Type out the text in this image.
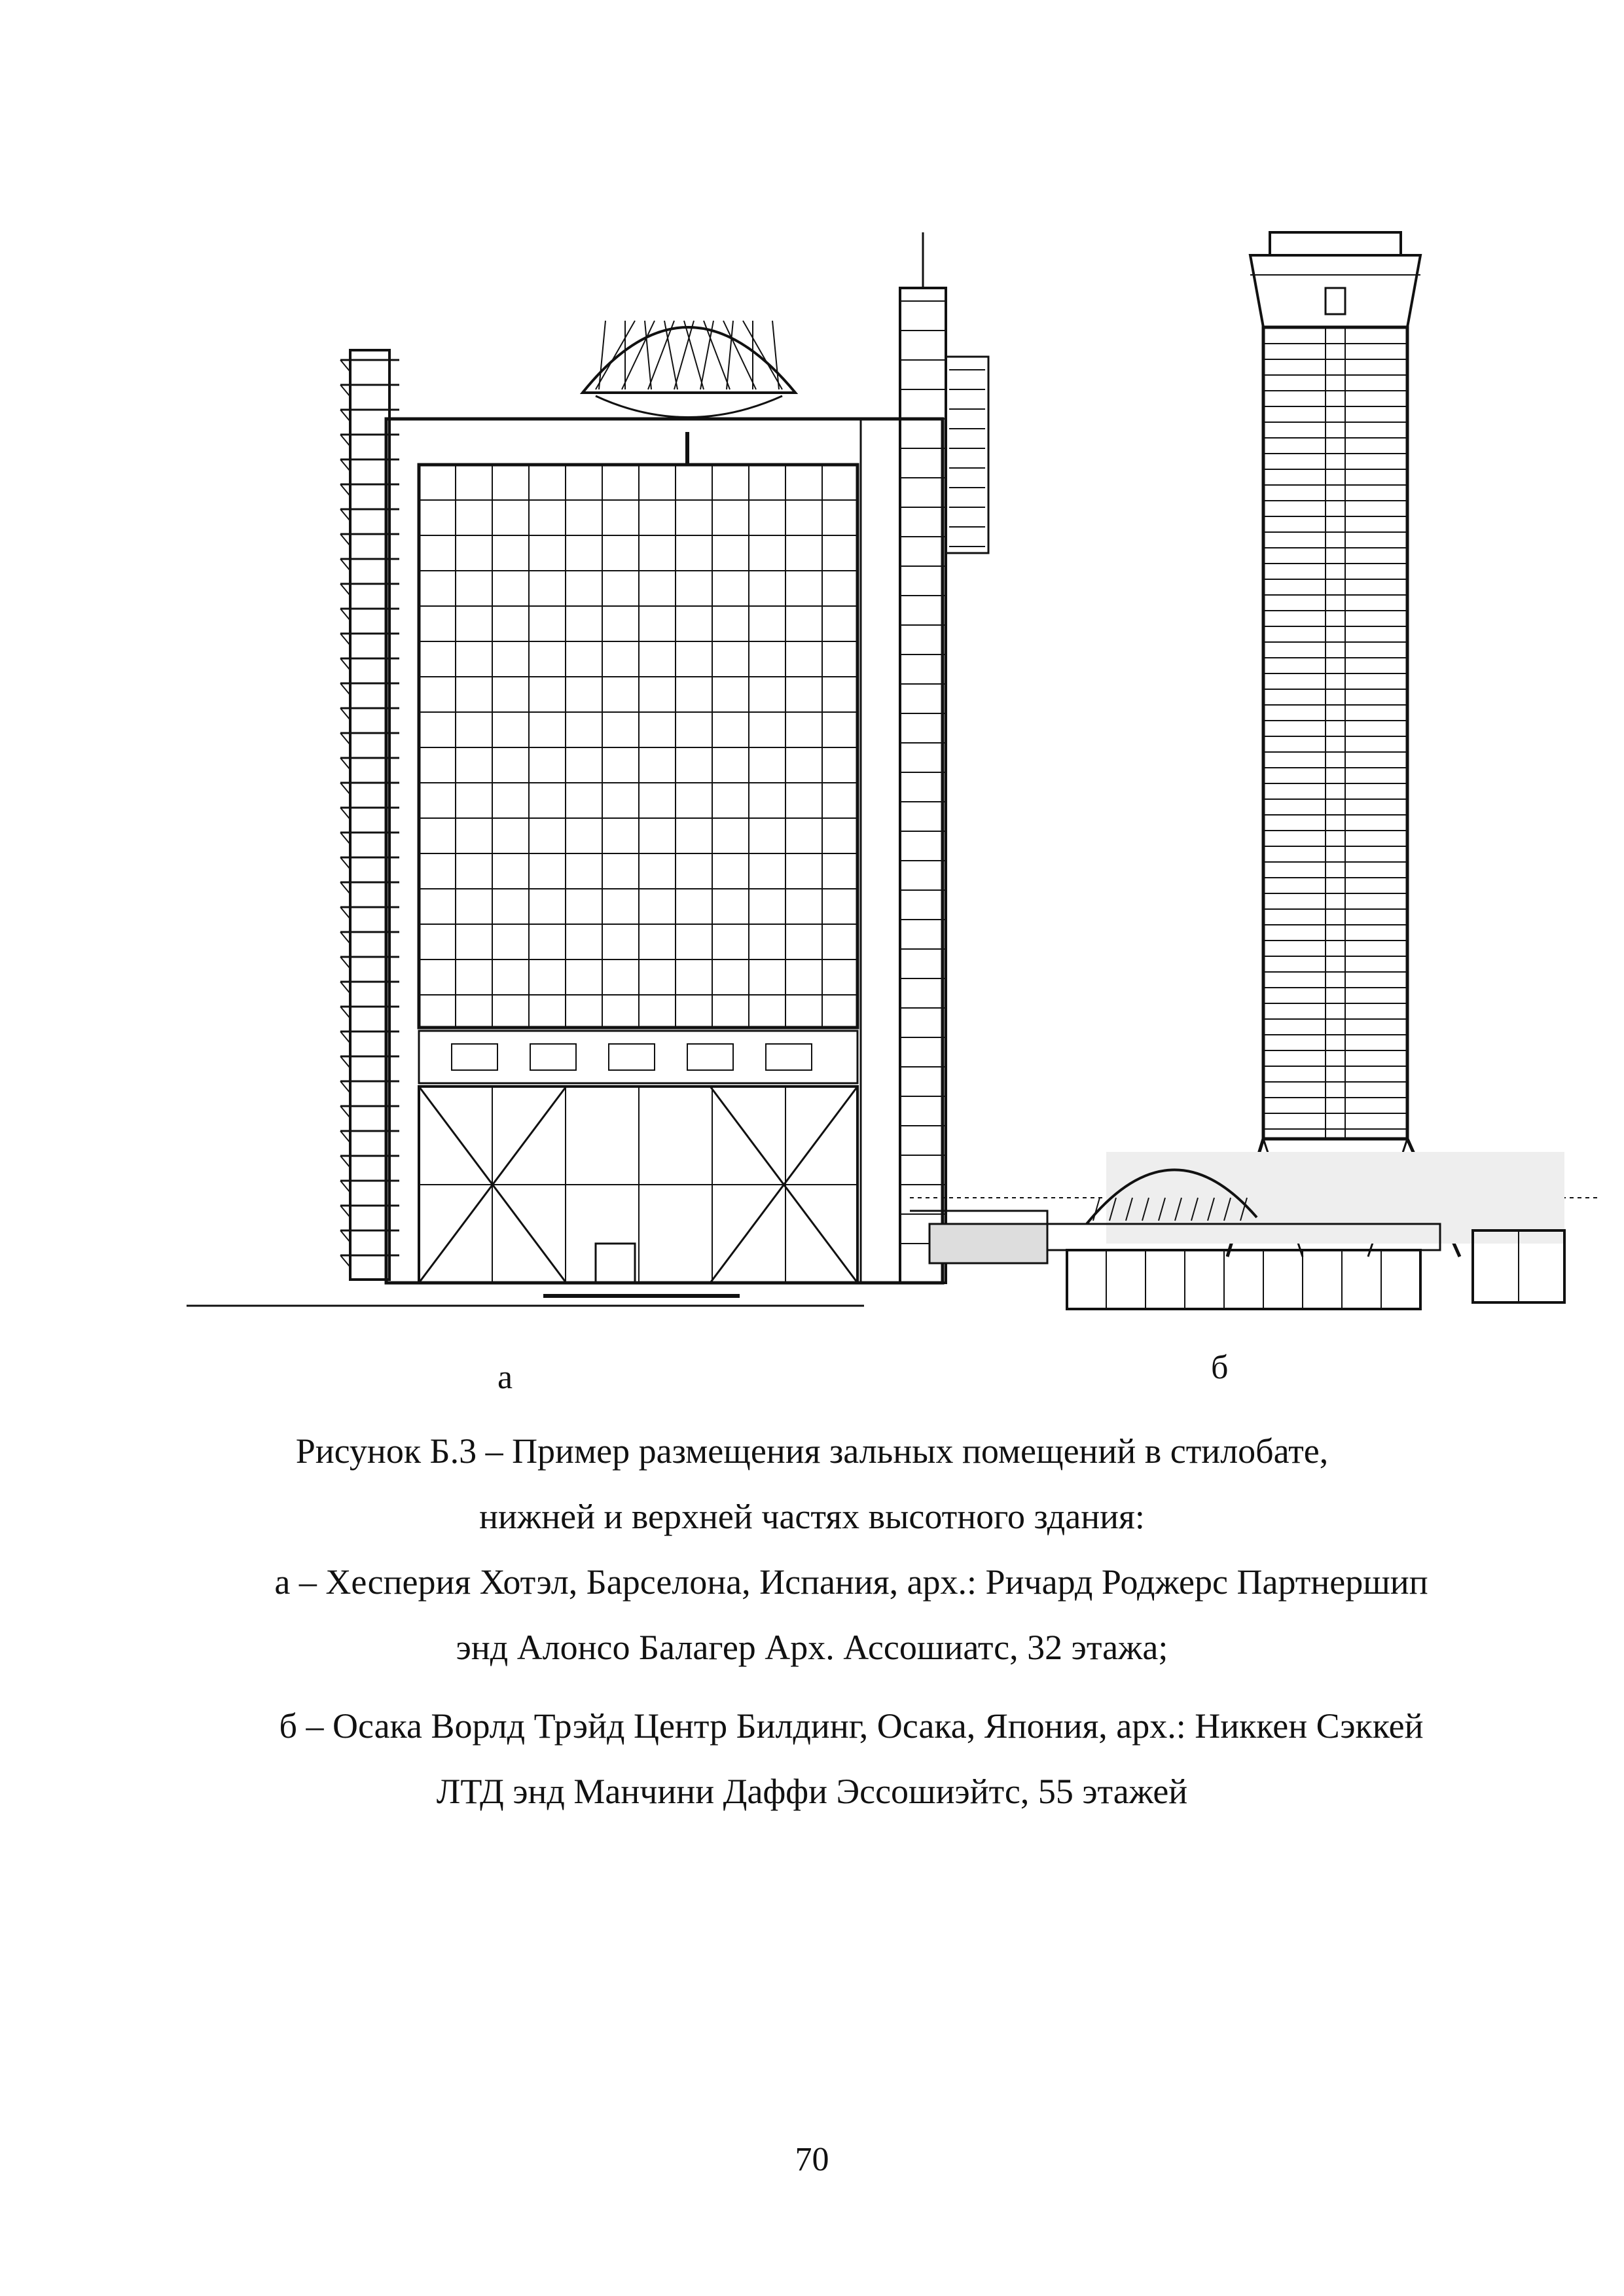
а	б
Рисунок Б.3 – Пример размещения зальных помещений в стилобате,
нижней и верхней частях высотного здания:
а – Хесперия Хотэл, Барселона, Испания, арх.: Ричард Роджерс Партнершип
энд Алонсо Балагер Арх. Ассошиатс, 32 этажа;
б – Осака Ворлд Трэйд Центр Билдинг, Осака, Япония, арх.: Никкен Сэккей
ЛТД энд Манчини Даффи Эссошиэйтс, 55 этажей
70
